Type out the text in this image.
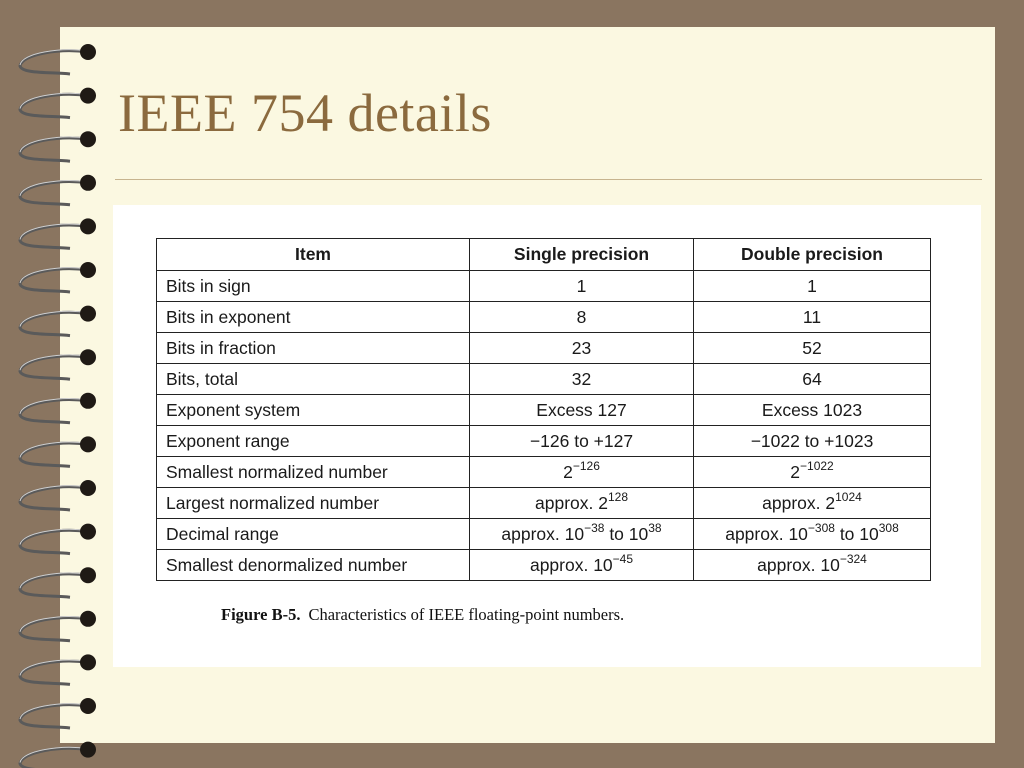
IEEE 754 details
Item	Single precision	Double precision
Bits in sign	1	1
Bits in exponent	8	11
Bits in fraction	23	52
Bits, total	32	64
Exponent system	Excess 127	Excess 1023
Exponent range	−126 to +127	−1022 to +1023
Smallest normalized number	$2^{-126}$	$2^{-1022}$
Largest normalized number	approx. $2^{128}$	approx. $2^{1024}$
Decimal range	approx. $10^{-38}$ to $10^{38}$	approx. $10^{-308}$ to $10^{308}$
Smallest denormalized number	approx. $10^{-45}$	approx. $10^{-324}$
Figure B-5. Characteristics of IEEE floating-point numbers.
